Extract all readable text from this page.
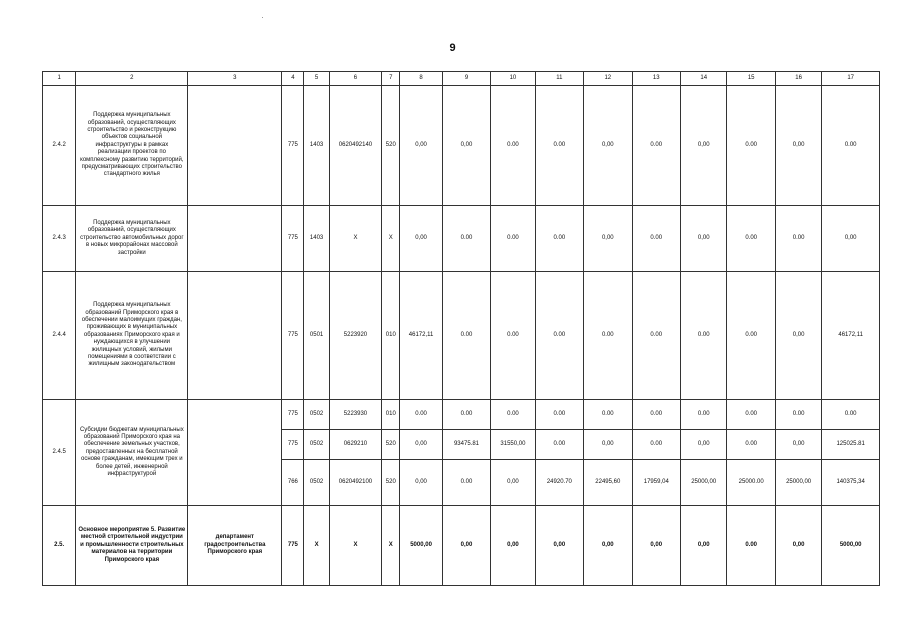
9
1	2	3	4	5	6	7	8	9	10	11	12	13	14	15	16	17
2.4.2	Поддержка муниципальных образований, осуществляющих строительство и реконструкцию объектов социальной инфраструктуры в рамках реализации проектов по комплексному развитию территорий, предусматривающих строительство стандартного жилья		775	1403	0620492140	520	0,00	0,00	0.00	0.00	0,00	0.00	0,00	0.00	0,00	0.00
2.4.3	Поддержка муниципальных образований, осуществляющих строительство автомобильных дорог в новых микрорайонах массовой застройки		775	1403	X	X	0,00	0.00	0.00	0.00	0,00	0.00	0,00	0.00	0.00	0,00
2.4.4	Поддержка муниципальных образований Приморского края в обеспечении малоимущих граждан, проживающих в муниципальных образованиях Приморского края и нуждающихся в улучшении жилищных условий, жилыми помещениями в соответствии с жилищным законодательством		775	0501	5223920	010	46172,11	0.00	0.00	0.00	0.00	0.00	0.00	0.00	0,00	46172,11
2.4.5	Субсидии бюджетам муниципальных образований Приморского края на обеспечение земельных участков, предоставленных на бесплатной основе гражданам, имеющим трех и более детей, инженерной инфраструктурой		775	0502	5223930	010	0.00	0.00	0.00	0.00	0.00	0.00	0.00	0.00	0.00	0.00
			775	0502	0629210	520	0,00	93475.81	31550,00	0.00	0,00	0.00	0,00	0.00	0,00	125025.81
			766	0502	0620492100	520	0,00	0.00	0,00	24920.70	22495,60	17959,04	25000,00	25000.00	25000,00	140375,34
2.5.	Основное мероприятие 5. Развитие местной строительной индустрии и промышленности строительных материалов на территории Приморского края	департамент градостроительства Приморского края	775	X	X	X	5000,00	0,00	0,00	0,00	0,00	0,00	0,00	0.00	0,00	5000,00
